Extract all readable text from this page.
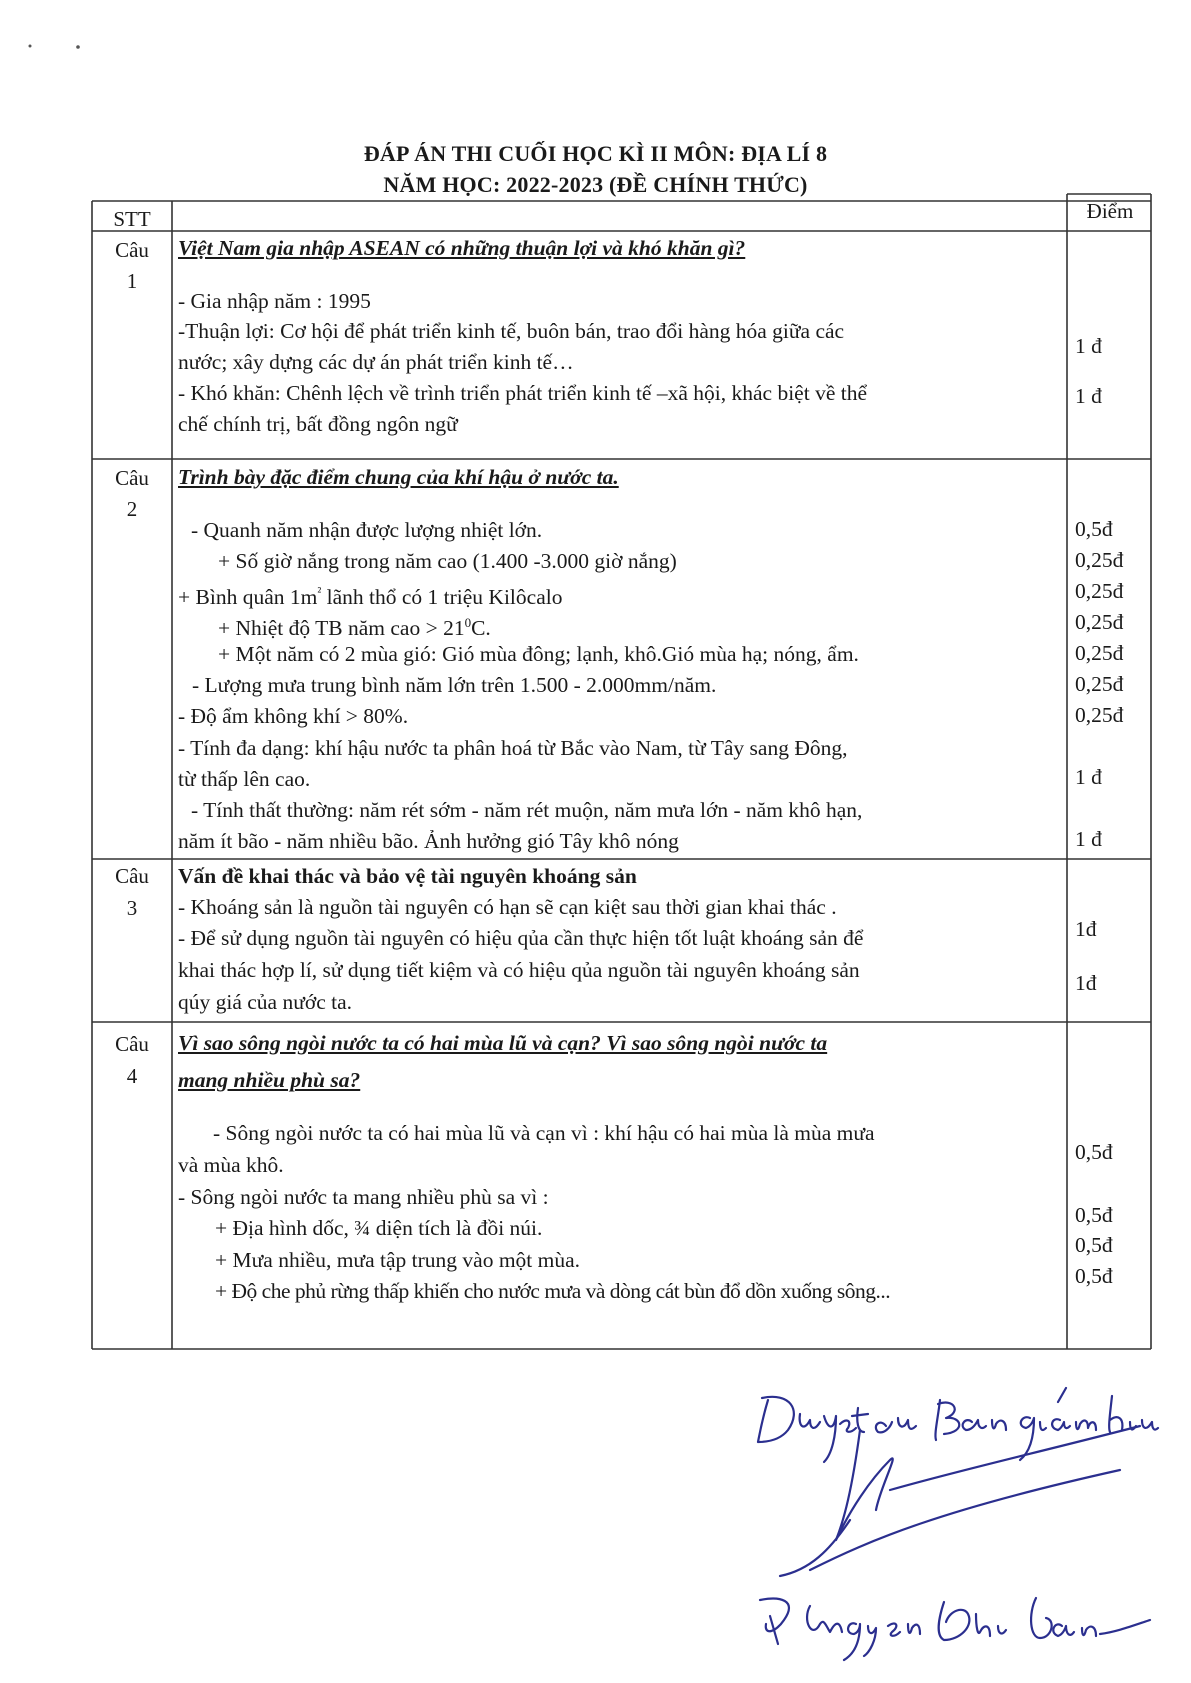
ĐÁP ÁN THI CUỐI HỌC KÌ II MÔN: ĐỊA LÍ 8
NĂM HỌC: 2022-2023 (ĐỀ CHÍNH THỨC)
STT	Điểm
Câu
1
Việt Nam gia nhập ASEAN có những thuận lợi và khó khăn gì?
- Gia nhập năm : 1995
-Thuận lợi: Cơ hội để phát triển kinh tế, buôn bán, trao đổi hàng hóa giữa các
nước; xây dựng các dự án phát triển kinh tế…
- Khó khăn: Chênh lệch về trình triển phát triển kinh tế –xã hội, khác biệt về thể
chế chính trị, bất đồng ngôn ngữ
1 đ
1 đ
Câu
2
Trình bày đặc điểm chung của khí hậu ở nước ta.
- Quanh năm nhận được lượng nhiệt lớn.
+ Số giờ nắng trong năm cao (1.400 -3.000 giờ nắng)
+ Bình quân $1m^{^2}$ lãnh thổ có 1 triệu Kilôcalo
+ Nhiệt độ TB năm cao > $21^0C$.
+ Một năm có 2 mùa gió: Gió mùa đông; lạnh, khô.Gió mùa hạ; nóng, ẩm.
- Lượng mưa trung bình năm lớn trên 1.500 - 2.000mm/năm.
- Độ ẩm không khí > 80%.
- Tính đa dạng: khí hậu nước ta phân hoá từ Bắc vào Nam, từ Tây sang Đông,
từ thấp lên cao.
- Tính thất thường: năm rét sớm - năm rét muộn, năm mưa lớn - năm khô hạn,
năm ít bão - năm nhiều bão. Ảnh hưởng gió Tây khô nóng
0,5đ
0,25đ
0,25đ
0,25đ
0,25đ
0,25đ
0,25đ
1 đ
1 đ
Câu
3
Vấn đề khai thác và bảo vệ tài nguyên khoáng sản
- Khoáng sản là nguồn tài nguyên có hạn sẽ cạn kiệt sau thời gian khai thác .
- Để sử dụng nguồn tài nguyên có hiệu qủa cần thực hiện tốt luật khoáng sản để
khai thác hợp lí, sử dụng tiết kiệm và có hiệu qủa nguồn tài nguyên khoáng sản
qúy giá của nước ta.
1đ
1đ
Câu
4
Vì sao sông ngòi nước ta có hai mùa lũ và cạn? Vì sao sông ngòi nước ta
mang nhiều phù sa?
- Sông ngòi nước ta có hai mùa lũ và cạn vì : khí hậu có hai mùa là mùa mưa
và mùa khô.
- Sông ngòi nước ta mang nhiều phù sa vì :
+ Địa hình dốc, ¾ diện tích là đồi núi.
+ Mưa nhiều, mưa tập trung vào một mùa.
+ Độ che phủ rừng thấp khiến cho nước mưa và dòng cát bùn đổ dồn xuống sông...
0,5đ
0,5đ
0,5đ
0,5đ
